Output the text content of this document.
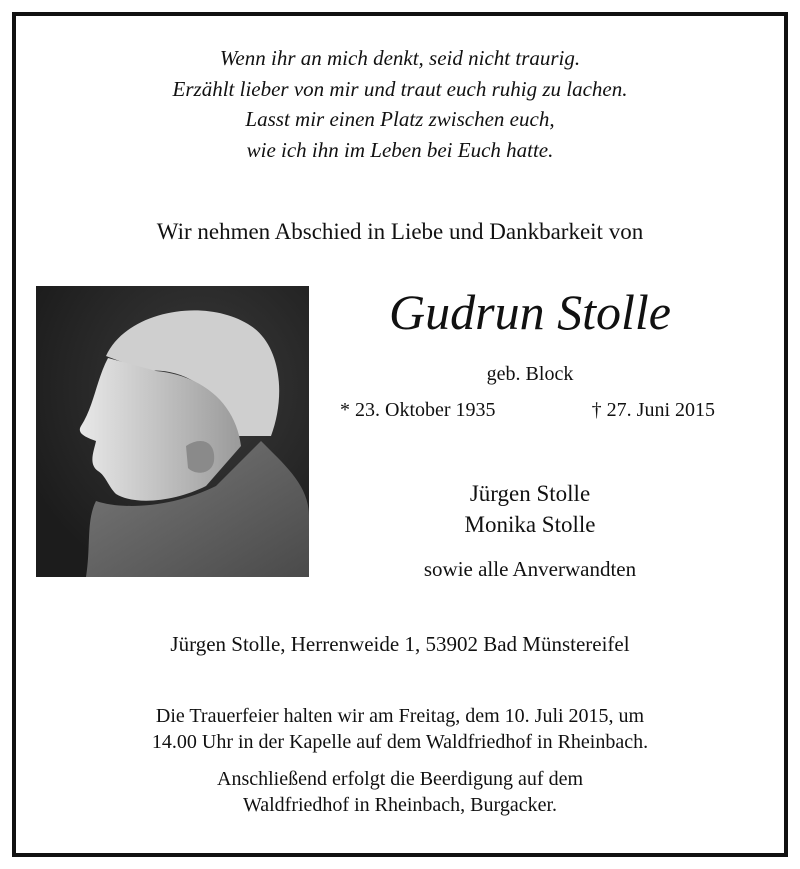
Wenn ihr an mich denkt, seid nicht traurig.
Erzählt lieber von mir und traut euch ruhig zu lachen.
Lasst mir einen Platz zwischen euch,
wie ich ihn im Leben bei Euch hatte.
Wir nehmen Abschied in Liebe und Dankbarkeit von
Gudrun Stolle
geb. Block
* 23. Oktober 1935	† 27. Juni 2015
Jürgen Stolle
Monika Stolle
sowie alle Anverwandten
Jürgen Stolle, Herrenweide 1, 53902 Bad Münstereifel
Die Trauerfeier halten wir am Freitag, dem 10. Juli 2015, um
14.00 Uhr in der Kapelle auf dem Waldfriedhof in Rheinbach.
Anschließend erfolgt die Beerdigung auf dem
Waldfriedhof in Rheinbach, Burgacker.
